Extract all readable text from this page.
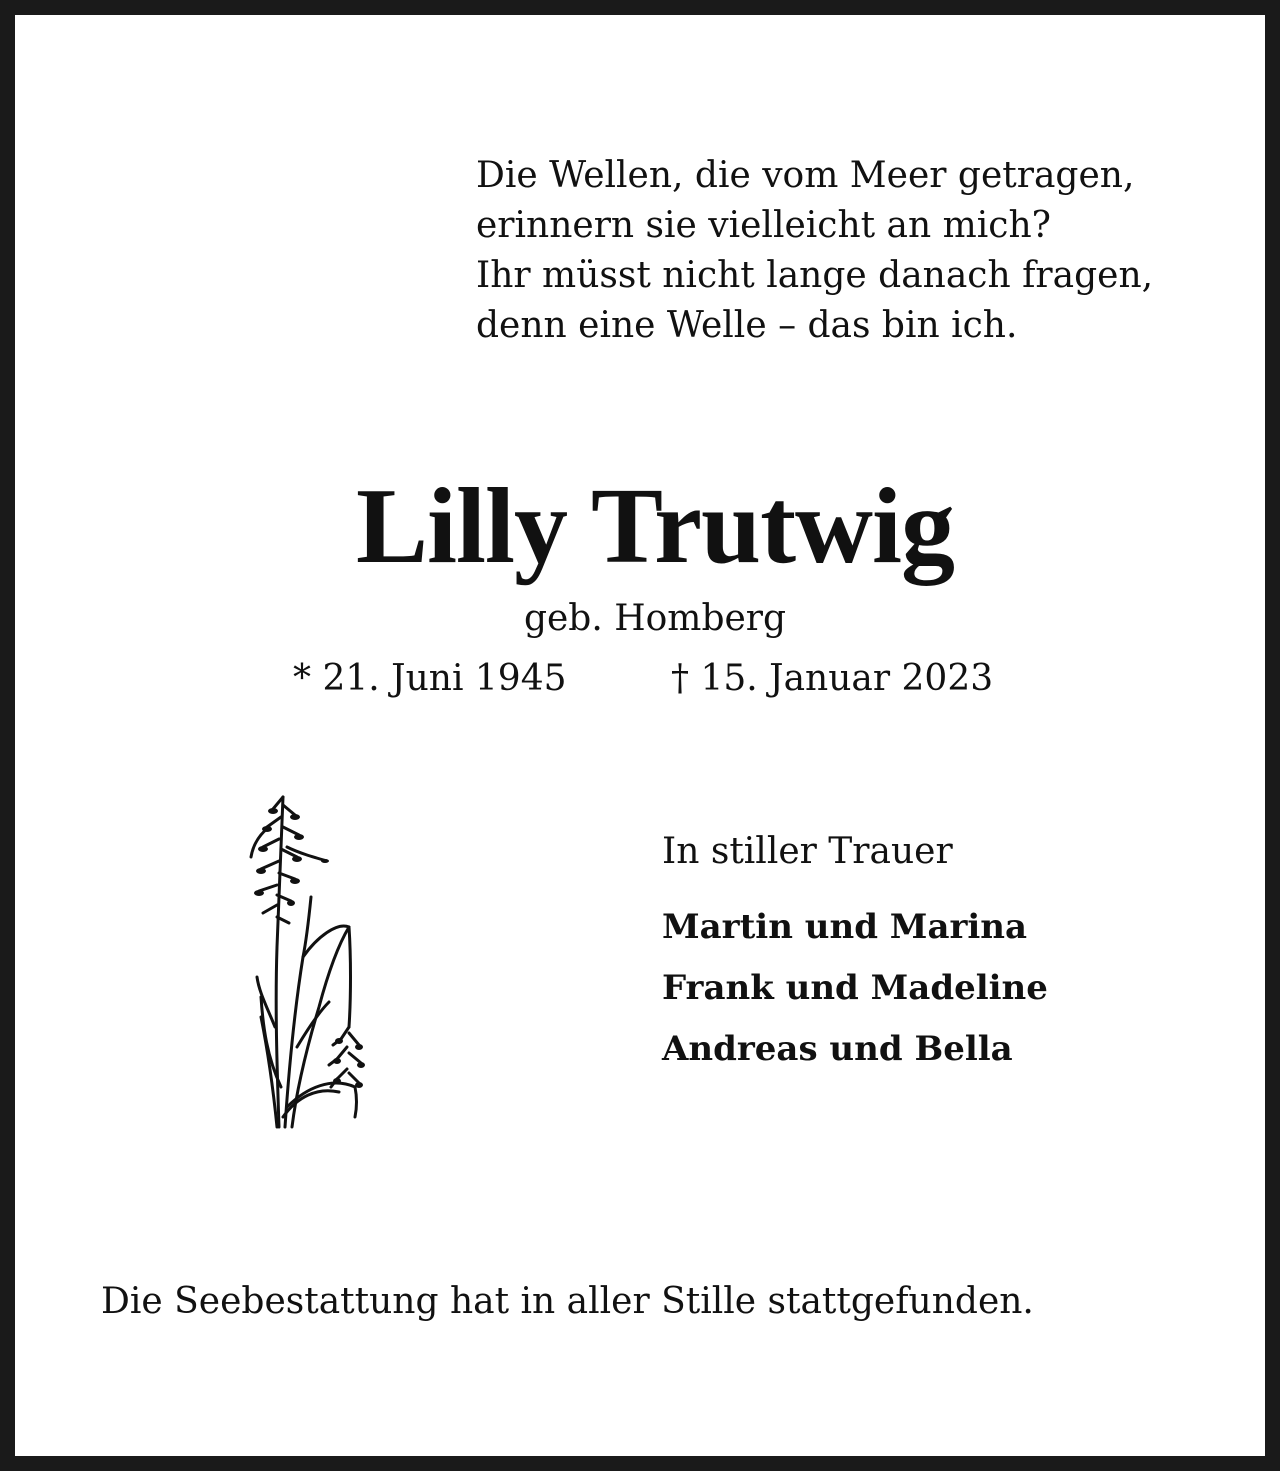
Die Wellen, die vom Meer getragen,
erinnern sie vielleicht an mich?
Ihr müsst nicht lange danach fragen,
denn eine Welle – das bin ich.
Lilly Trutwig
geb. Homberg
* 21. Juni 1945	† 15. Januar 2023
In stiller Trauer
Martin und Marina
Frank und Madeline
Andreas und Bella
Die Seebestattung hat in aller Stille stattgefunden.
